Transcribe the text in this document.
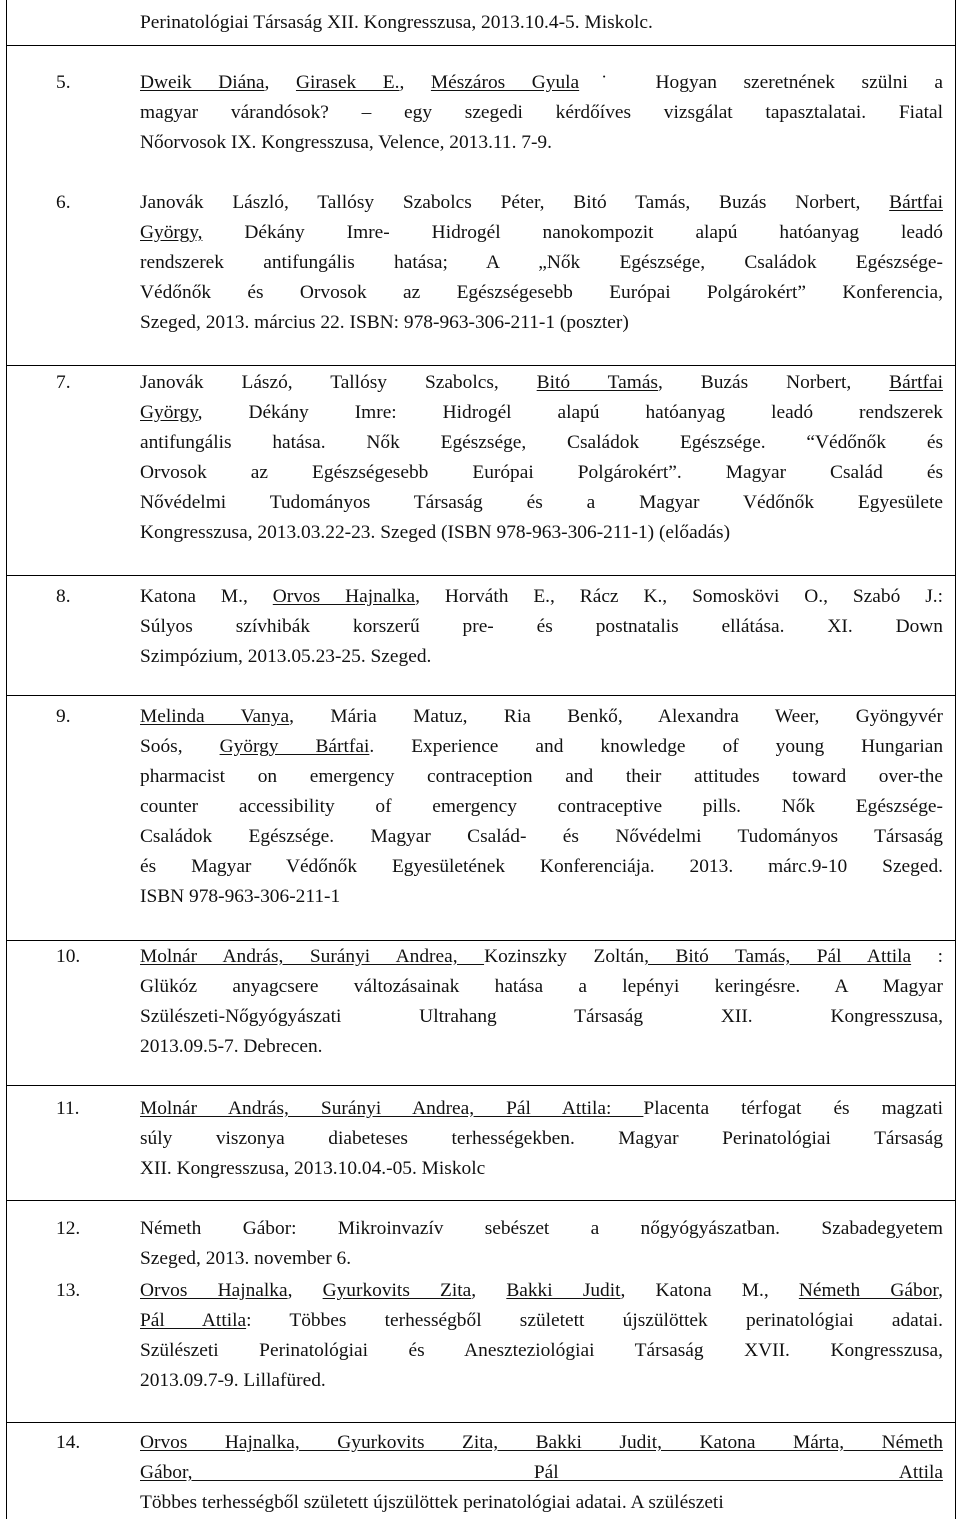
Perinatológiai Társaság XII. Kongresszusa, 2013.10.4-5. Miskolc.
5.	Dweik Diána, Girasek E., Mészáros Gyula˙ Hogyan szeretnének szülni a
magyar várandósok? – egy szegedi kérdőíves vizsgálat tapasztalatai. Fiatal
Nőorvosok IX. Kongresszusa, Velence, 2013.11. 7-9.
6.	Janovák László, Tallósy Szabolcs Péter, Bitó Tamás, Buzás Norbert, Bártfai
György, Dékány Imre- Hidrogél nanokompozit alapú hatóanyag leadó
rendszerek antifungális hatása; A „Nők Egészsége, Családok Egészsége-
Védőnők és Orvosok az Egészségesebb Európai Polgárokért” Konferencia,
Szeged, 2013. március 22. ISBN: 978-963-306-211-1 (poszter)
7.	Janovák Lászó, Tallósy Szabolcs, Bitó Tamás, Buzás Norbert, Bártfai
György, Dékány Imre: Hidrogél alapú hatóanyag leadó rendszerek
antifungális hatása. Nők Egészsége, Családok Egészsége. “Védőnők és
Orvosok az Egészségesebb Európai Polgárokért”. Magyar Család és
Nővédelmi Tudományos Társaság és a Magyar Védőnők Egyesülete
Kongresszusa, 2013.03.22-23. Szeged (ISBN 978-963-306-211-1) (előadás)
8.	Katona M., Orvos Hajnalka, Horváth E., Rácz K., Somoskövi O., Szabó J.:
Súlyos szívhibák korszerű pre- és postnatalis ellátása. XI. Down
Szimpózium, 2013.05.23-25. Szeged.
9.	Melinda Vanya, Mária Matuz, Ria Benkő, Alexandra Weer, Gyöngyvér
Soós, György Bártfai. Experience and knowledge of young Hungarian
pharmacist on emergency contraception and their attitudes toward over-the
counter accessibility of emergency contraceptive pills. Nők Egészsége-
Családok Egészsége. Magyar Család- és Nővédelmi Tudományos Társaság
és Magyar Védőnők Egyesületének Konferenciája. 2013. márc.9-10 Szeged.
ISBN 978-963-306-211-1
10.	Molnár András, Surányi Andrea, Kozinszky Zoltán, Bitó Tamás, Pál Attila :
Glükóz anyagcsere változásainak hatása a lepényi keringésre. A Magyar
Szülészeti-Nőgyógyászati Ultrahang Társaság XII. Kongresszusa,
2013.09.5-7. Debrecen.
11.	Molnár András, Surányi Andrea, Pál Attila: Placenta térfogat és magzati
súly viszonya diabeteses terhességekben. Magyar Perinatológiai Társaság
XII. Kongresszusa, 2013.10.04.-05. Miskolc
12.	Németh Gábor: Mikroinvazív sebészet a nőgyógyászatban. Szabadegyetem
Szeged, 2013. november 6.
13.	Orvos Hajnalka, Gyurkovits Zita, Bakki Judit, Katona M., Németh Gábor,
Pál Attila: Többes terhességből született újszülöttek perinatológiai adatai.
Szülészeti Perinatológiai és Aneszteziológiai Társaság XVII. Kongresszusa,
2013.09.7-9. Lillafüred.
14.	Orvos Hajnalka, Gyurkovits Zita, Bakki Judit, Katona Márta, Németh
Gábor, Pál Attila
Többes terhességből született újszülöttek perinatológiai adatai. A szülészeti
